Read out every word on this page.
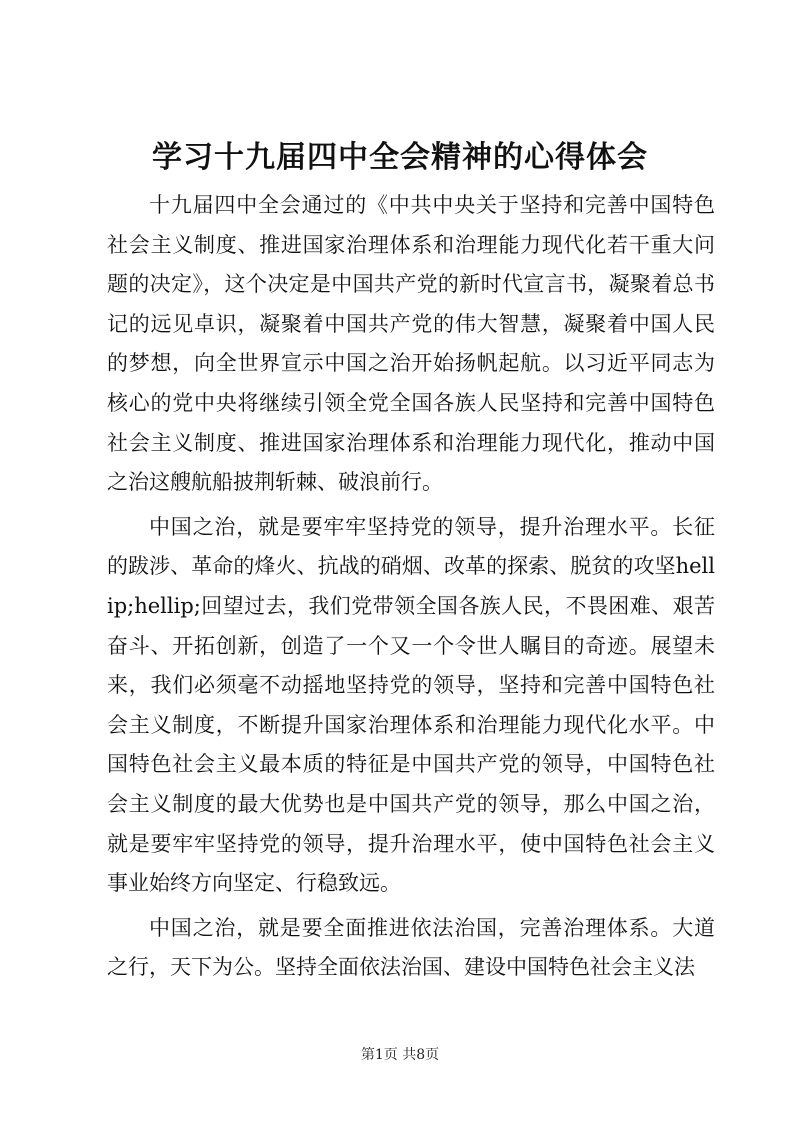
学习十九届四中全会精神的心得体会

十九届四中全会通过的《中共中央关于坚持和完善中国特色社会主义制度、推进国家治理体系和治理能力现代化若干重大问题的决定》，这个决定是中国共产党的新时代宣言书，凝聚着总书记的远见卓识，凝聚着中国共产党的伟大智慧，凝聚着中国人民的梦想，向全世界宣示中国之治开始扬帆起航。以习近平同志为核心的党中央将继续引领全党全国各族人民坚持和完善中国特色社会主义制度、推进国家治理体系和治理能力现代化，推动中国之治这艘航船披荆斩棘、破浪前行。

中国之治，就是要牢牢坚持党的领导，提升治理水平。长征的跋涉、革命的烽火、抗战的硝烟、改革的探索、脱贫的攻坚hellip;hellip;回望过去，我们党带领全国各族人民，不畏困难、艰苦奋斗、开拓创新，创造了一个又一个令世人瞩目的奇迹。展望未来，我们必须毫不动摇地坚持党的领导，坚持和完善中国特色社会主义制度，不断提升国家治理体系和治理能力现代化水平。中国特色社会主义最本质的特征是中国共产党的领导，中国特色社会主义制度的最大优势也是中国共产党的领导，那么中国之治，就是要牢牢坚持党的领导，提升治理水平，使中国特色社会主义事业始终方向坚定、行稳致远。

中国之治，就是要全面推进依法治国，完善治理体系。大道之行，天下为公。坚持全面依法治国、建设中国特色社会主义法

第1页 共8页
